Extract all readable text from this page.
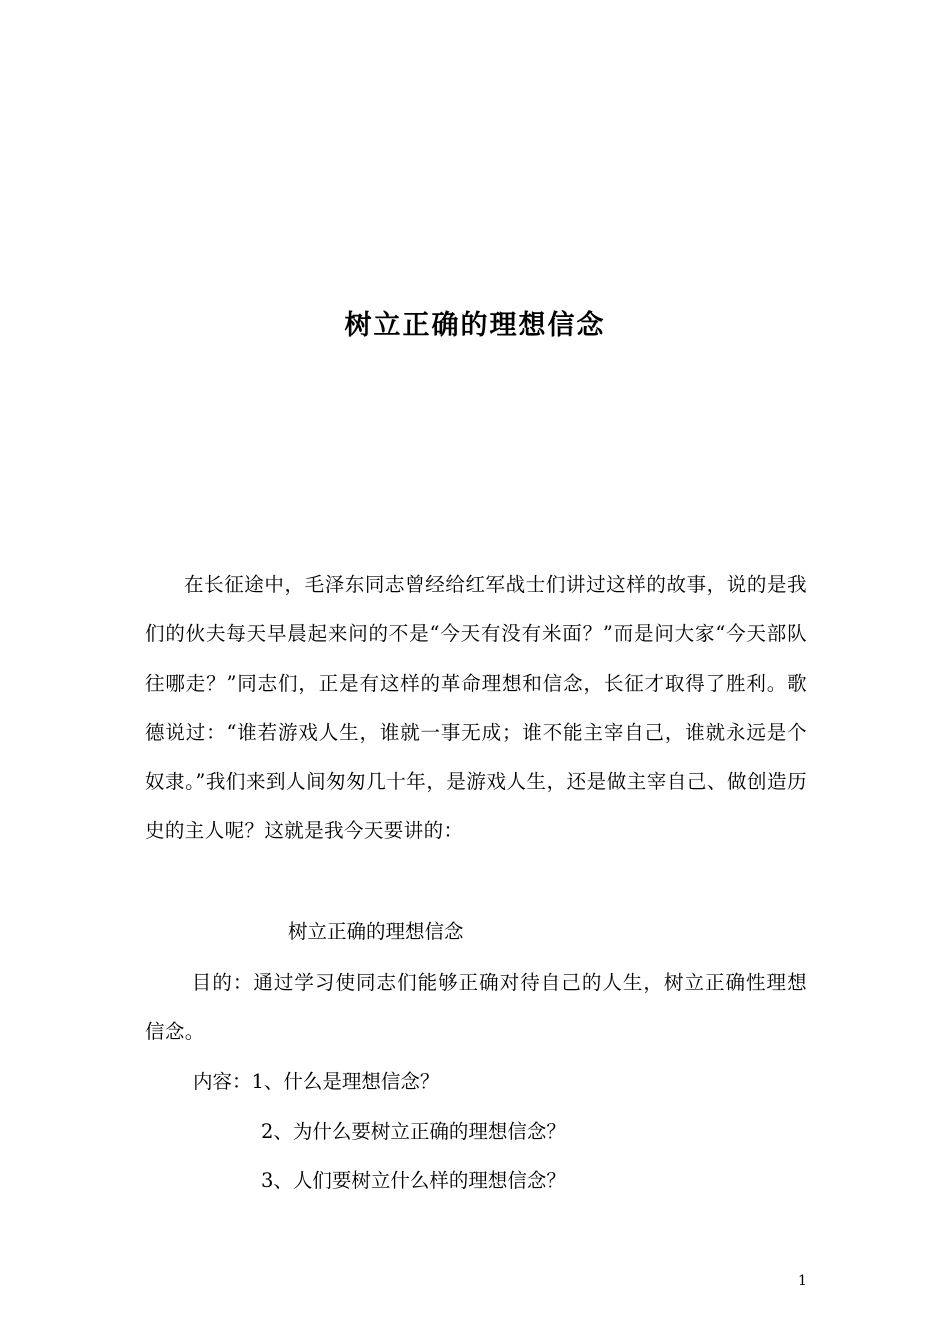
树立正确的理想信念

在长征途中，毛泽东同志曾经给红军战士们讲过这样的故事，说的是我们的伙夫每天早晨起来问的不是“今天有没有米面？”而是问大家“今天部队往哪走？”同志们，正是有这样的革命理想和信念，长征才取得了胜利。歌德说过：“谁若游戏人生，谁就一事无成；谁不能主宰自己，谁就永远是个奴隶。”我们来到人间匆匆几十年，是游戏人生，还是做主宰自己、做创造历史的主人呢？这就是我今天要讲的：

树立正确的理想信念

目的：通过学习使同志们能够正确对待自己的人生，树立正确性理想信念。

内容：1、什么是理想信念？
2、为什么要树立正确的理想信念？
3、人们要树立什么样的理想信念？
1
